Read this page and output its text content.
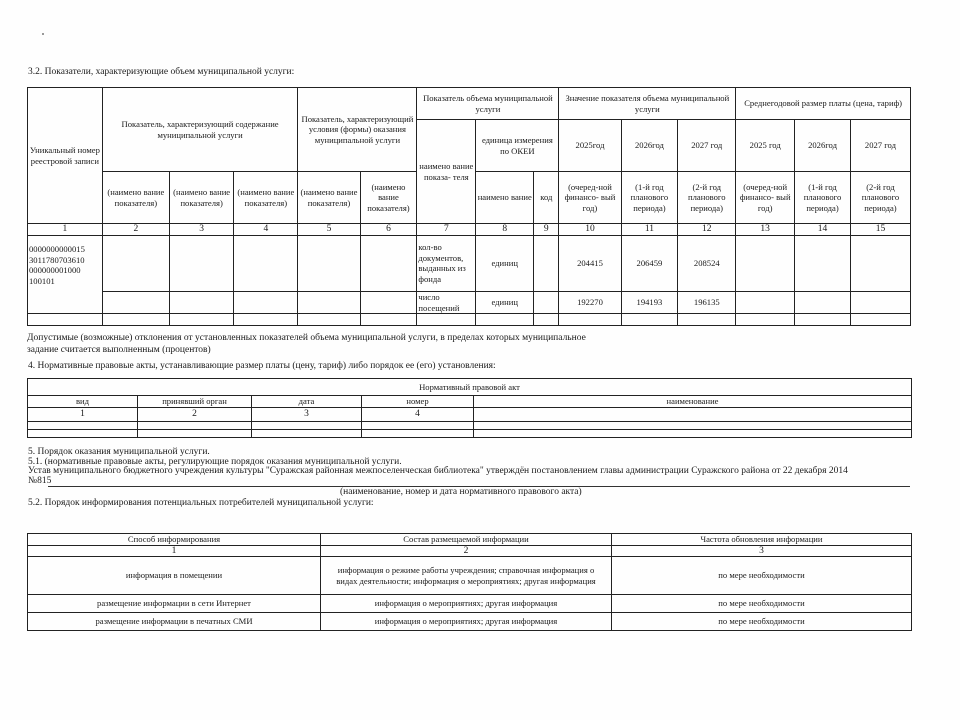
3.2. Показатели, характеризующие объем муниципальной услуги:
Уникальный номер реестровой записи	Показатель, характеризующий содержание муниципальной услуги			Показатель, характеризующий условия (формы) оказания муниципальной услуги		Показатель объема муниципальной услуги			Значение показателя объема муниципальной услуги			Среднегодовой размер платы (цена, тариф)		
						наимено вание показа- теля	единица измерения по ОКЕИ		2025год	2026год	2027 год	2025 год	2026год	2027 год
	(наимено вание показателя)	(наимено вание показателя)	(наимено вание показателя)	(наимено вание показателя)	(наимено вание показателя)		наимено вание	код	(очеред-ной финансо- вый год)	(1-й год планового периода)	(2-й год планового периода)	(очеред-ной финансо- вый год)	(1-й год планового периода)	(2-й год планового периода)
1	2	3	4	5	6	7	8	9	10	11	12	13	14	15
0000000000015 3011780703610 000000001000 100101						кол-во документов, выданных из фонда	единиц		204415	206459	208524			
						число посещений	единиц		192270	194193	196135			

Допустимые (возможные) отклонения от установленных показателей объема муниципальной услуги, в пределах которых муниципальное
задание считается выполненным (процентов)
4. Нормативные правовые акты, устанавливающие размер платы (цену, тариф) либо порядок ее (его) установления:
Нормативный правовой акт				
вид	принявший орган	дата	номер	наименование
1	2	3	4	

5. Порядок оказания муниципальной услуги.
5.1. (нормативные правовые акты, регулирующие порядок оказания муниципальной услуги.
Устав муниципального бюджетного учреждения культуры "Суражская районная межпоселенческая библиотека" утверждён постановлением главы администрации Суражского района от 22 декабря 2014
№815
(наименование, номер и дата нормативного правового акта)
5.2. Порядок информирования потенциальных потребителей муниципальной услуги:
Способ информирования	Состав размещаемой информации	Частота обновления информации
1	2	3
информация в помещении	информация о режиме работы учреждения; справочная информация о видах деятельности; информация о мероприятиях; другая информация	по мере необходимости
размещение информации в сети Интернет	информация о мероприятиях; другая информация	по мере необходимости
размещение информации в печатных СМИ	информация о мероприятиях; другая информация	по мере необходимости
